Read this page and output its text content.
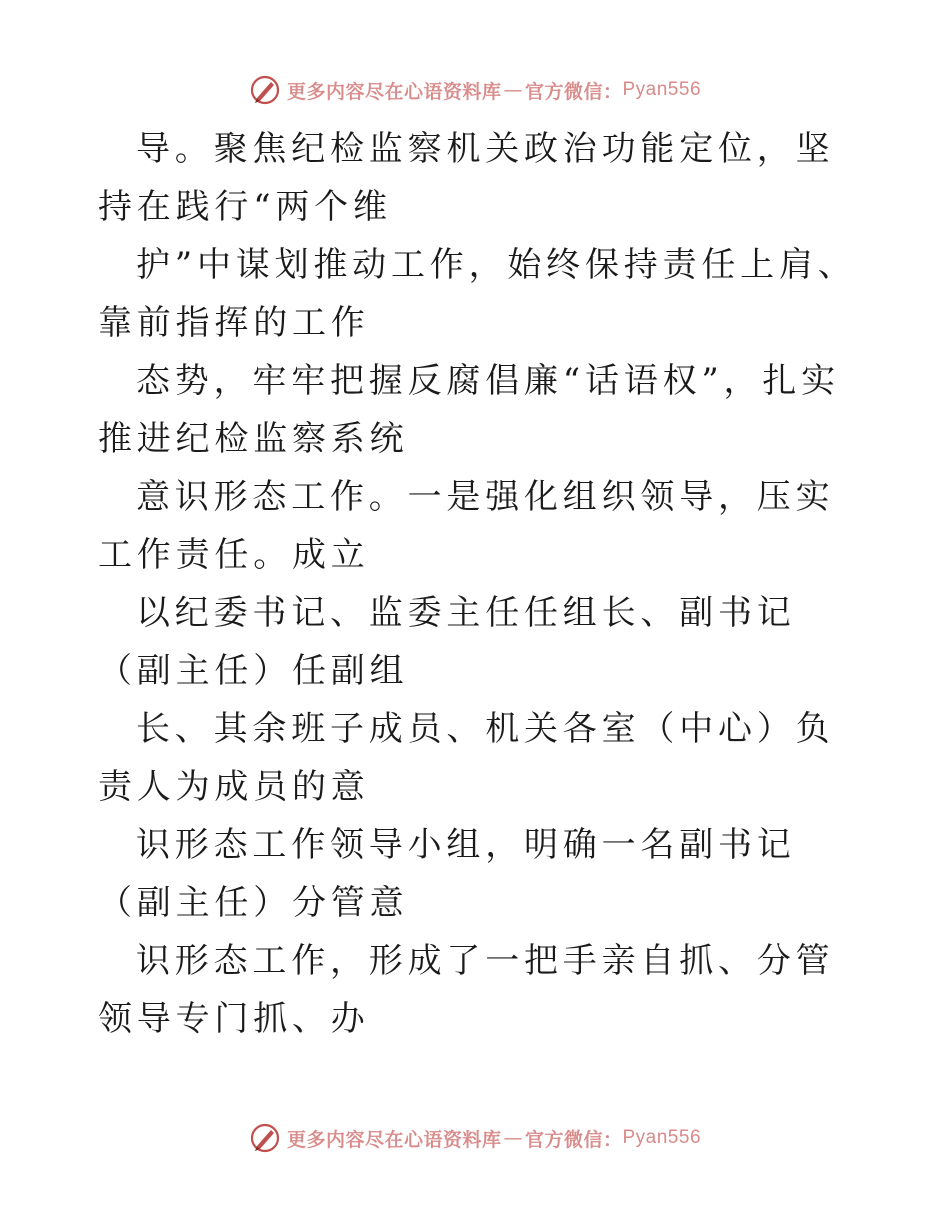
更多内容尽在心语资料库 — 官方微信： Pyan556

导。聚焦纪检监察机关政治功能定位，坚持在践行“两个维

护”中谋划推动工作，始终保持责任上肩、靠前指挥的工作

态势，牢牢把握反腐倡廉“话语权”，扎实推进纪检监察系统

意识形态工作。一是强化组织领导，压实工作责任。成立

以纪委书记、监委主任任组长、副书记（副主任）任副组

长、其余班子成员、机关各室（中心）负责人为成员的意

识形态工作领导小组，明确一名副书记（副主任）分管意

识形态工作，形成了一把手亲自抓、分管领导专门抓、办

更多内容尽在心语资料库 — 官方微信： Pyan556
